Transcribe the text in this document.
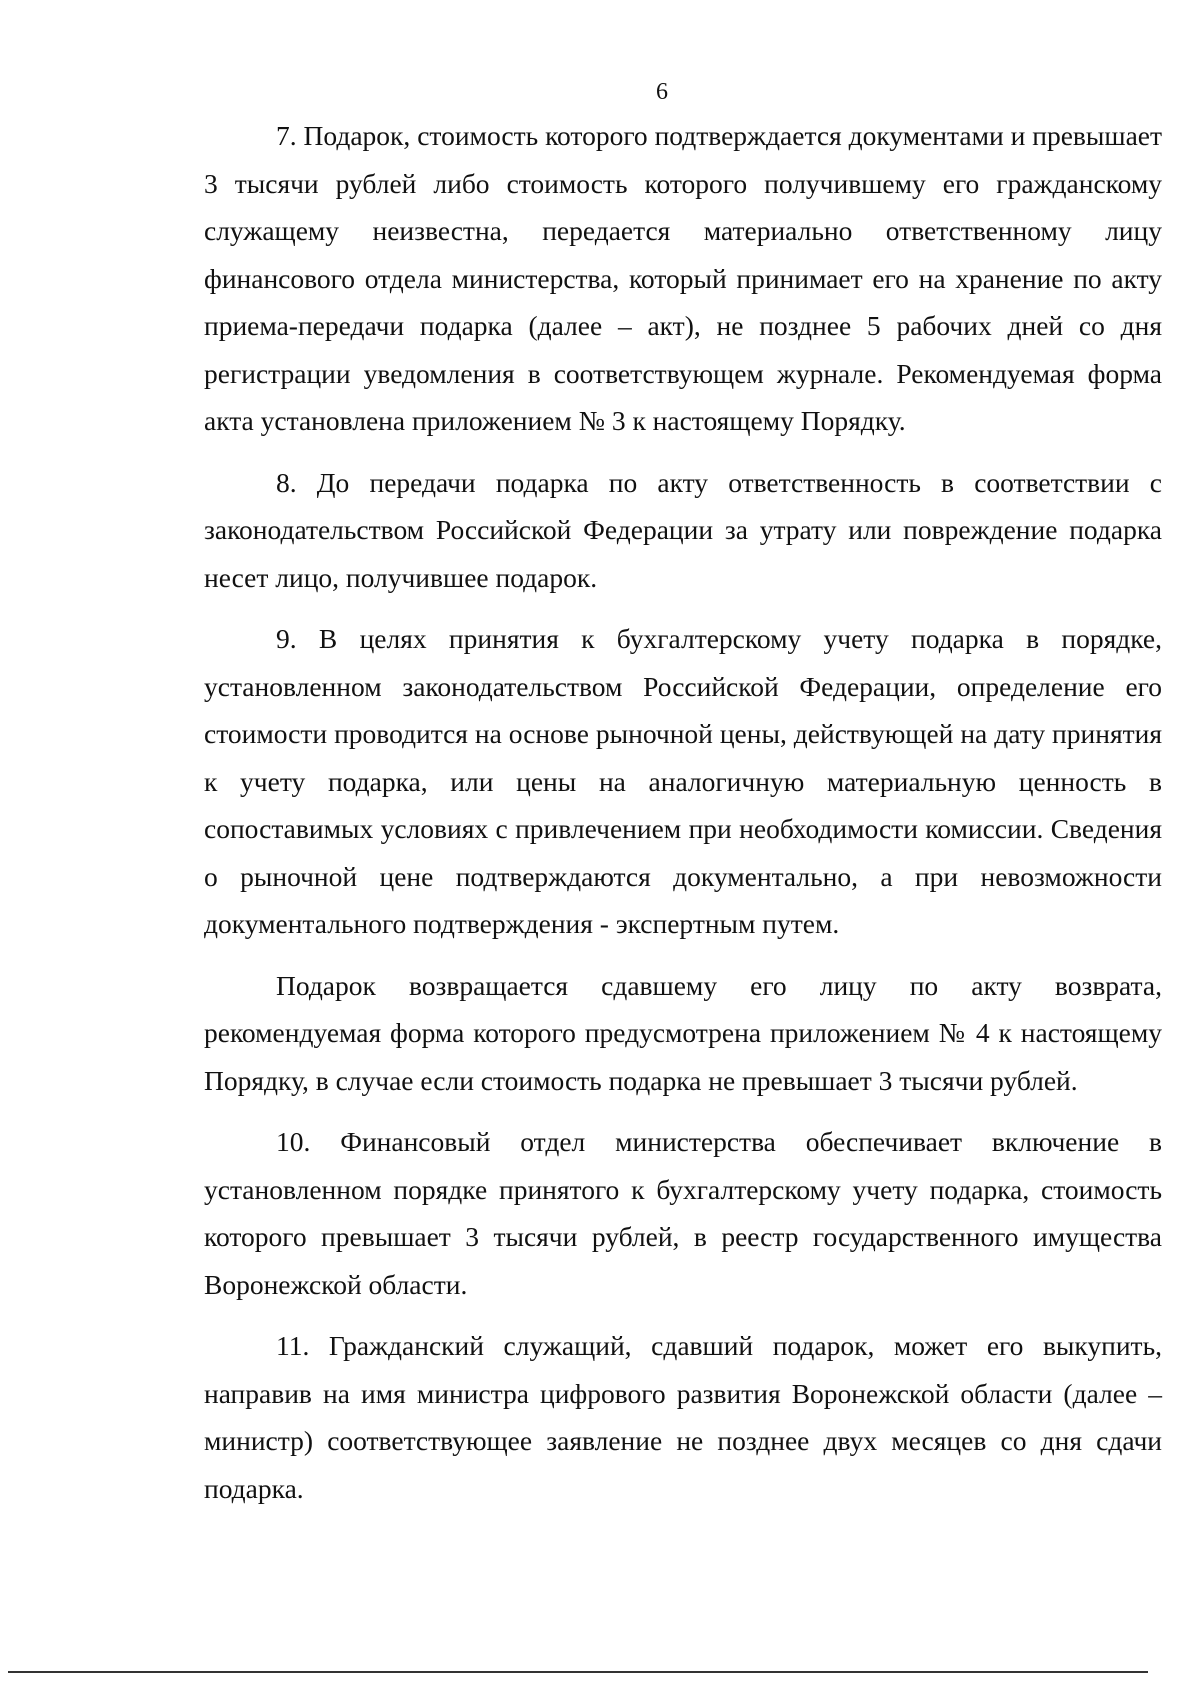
6

7. Подарок, стоимость которого подтверждается документами и превышает 3 тысячи рублей либо стоимость которого получившему его гражданскому служащему неизвестна, передается материально ответственному лицу финансового отдела министерства, который принимает его на хранение по акту приема-передачи подарка (далее – акт), не позднее 5 рабочих дней со дня регистрации уведомления в соответствующем журнале. Рекомендуемая форма акта установлена приложением № 3 к настоящему Порядку.

8. До передачи подарка по акту ответственность в соответствии с законодательством Российской Федерации за утрату или повреждение подарка несет лицо, получившее подарок.

9. В целях принятия к бухгалтерскому учету подарка в порядке, установленном законодательством Российской Федерации, определение его стоимости проводится на основе рыночной цены, действующей на дату принятия к учету подарка, или цены на аналогичную материальную ценность в сопоставимых условиях с привлечением при необходимости комиссии. Сведения о рыночной цене подтверждаются документально, а при невозможности документального подтверждения - экспертным путем.

Подарок возвращается сдавшему его лицу по акту возврата, рекомендуемая форма которого предусмотрена приложением № 4 к настоящему Порядку, в случае если стоимость подарка не превышает 3 тысячи рублей.

10. Финансовый отдел министерства обеспечивает включение в установленном порядке принятого к бухгалтерскому учету подарка, стоимость которого превышает 3 тысячи рублей, в реестр государственного имущества Воронежской области.

11. Гражданский служащий, сдавший подарок, может его выкупить, направив на имя министра цифрового развития Воронежской области (далее – министр) соответствующее заявление не позднее двух месяцев со дня сдачи подарка.
